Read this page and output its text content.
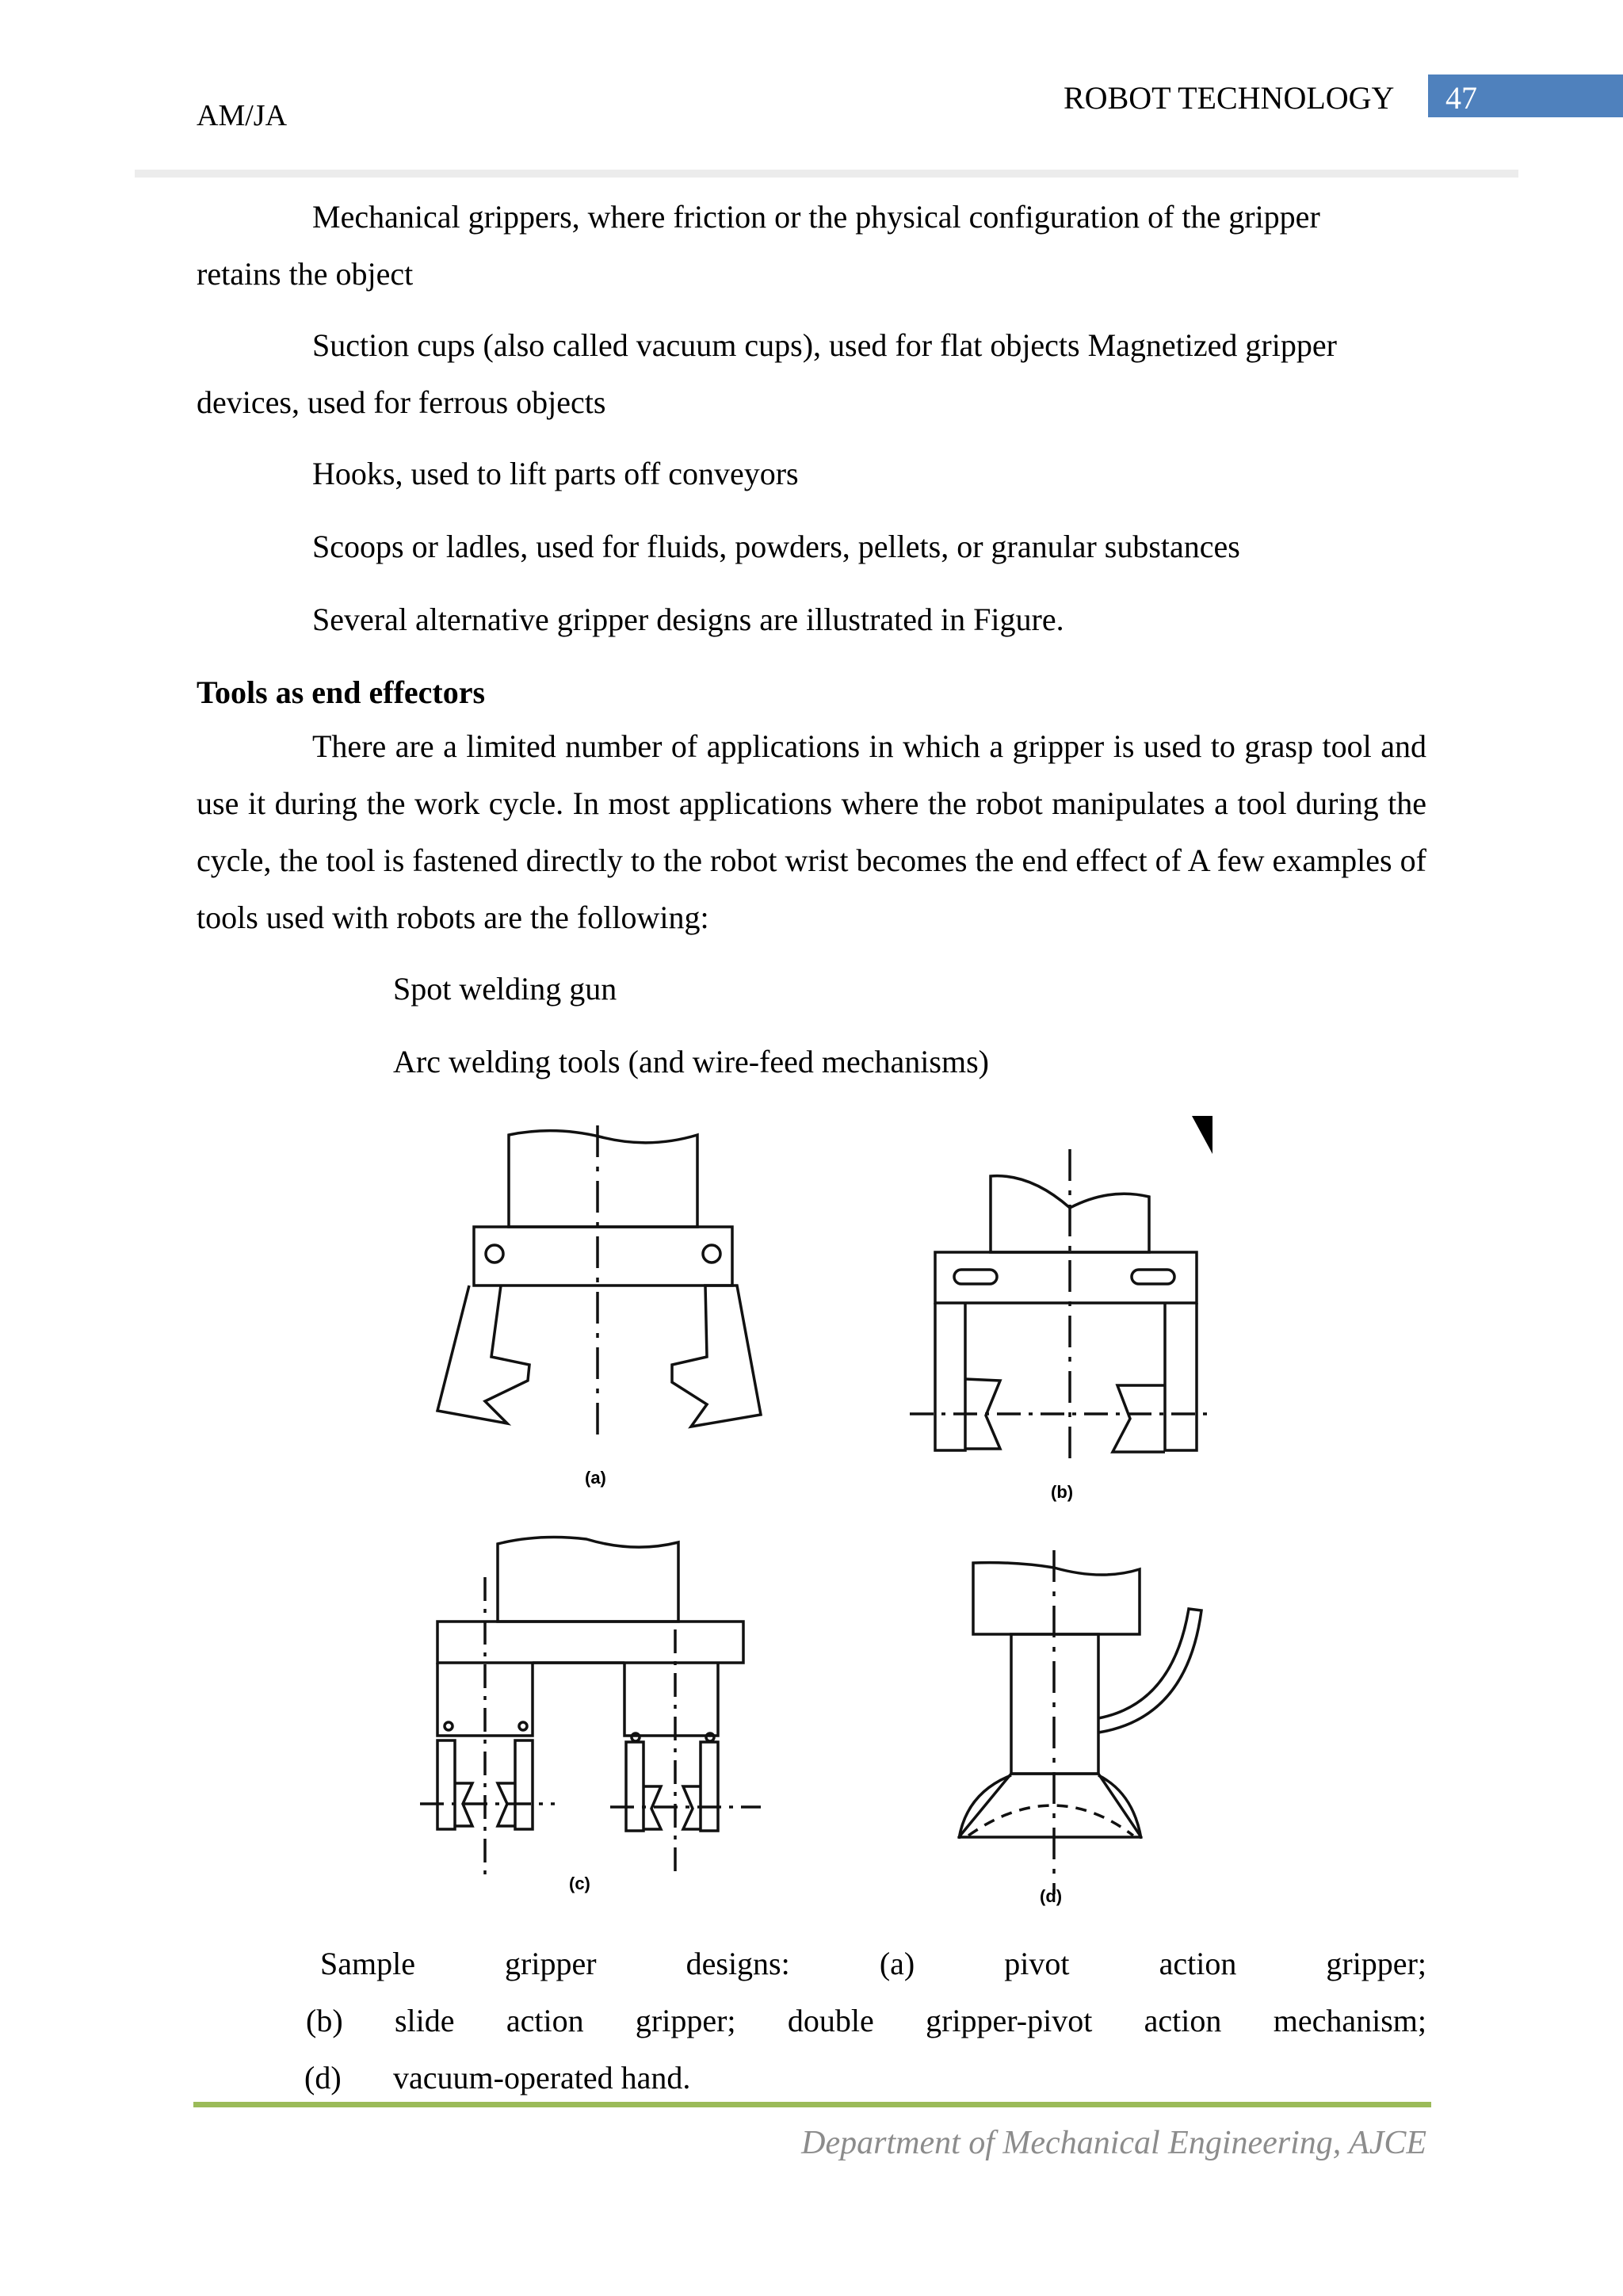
AM/JA	ROBOT TECHNOLOGY 47
Mechanical grippers, where friction or the physical configuration of the gripper
retains the object
Suction cups (also called vacuum cups), used for flat objects Magnetized gripper
devices, used for ferrous objects
Hooks, used to lift parts off conveyors
Scoops or ladles, used for fluids, powders, pellets, or granular substances
Several alternative gripper designs are illustrated in Figure.
Tools as end effectors
There are a limited number of applications in which a gripper is used to grasp tool and use it during the work cycle. In most applications where the robot manipulates a tool during the cycle, the tool is fastened directly to the robot wrist becomes the end effect of A few examples of tools used with robots are the following:
Spot welding gun
Arc welding tools (and wire-feed mechanisms)
(a)
(b)
(c)
(d)
Sample	gripper	designs:	(a)	pivot	action	gripper;
(b) slide action gripper; double gripper-pivot action mechanism;
(d) vacuum-operated hand.
Department of Mechanical Engineering, AJCE
